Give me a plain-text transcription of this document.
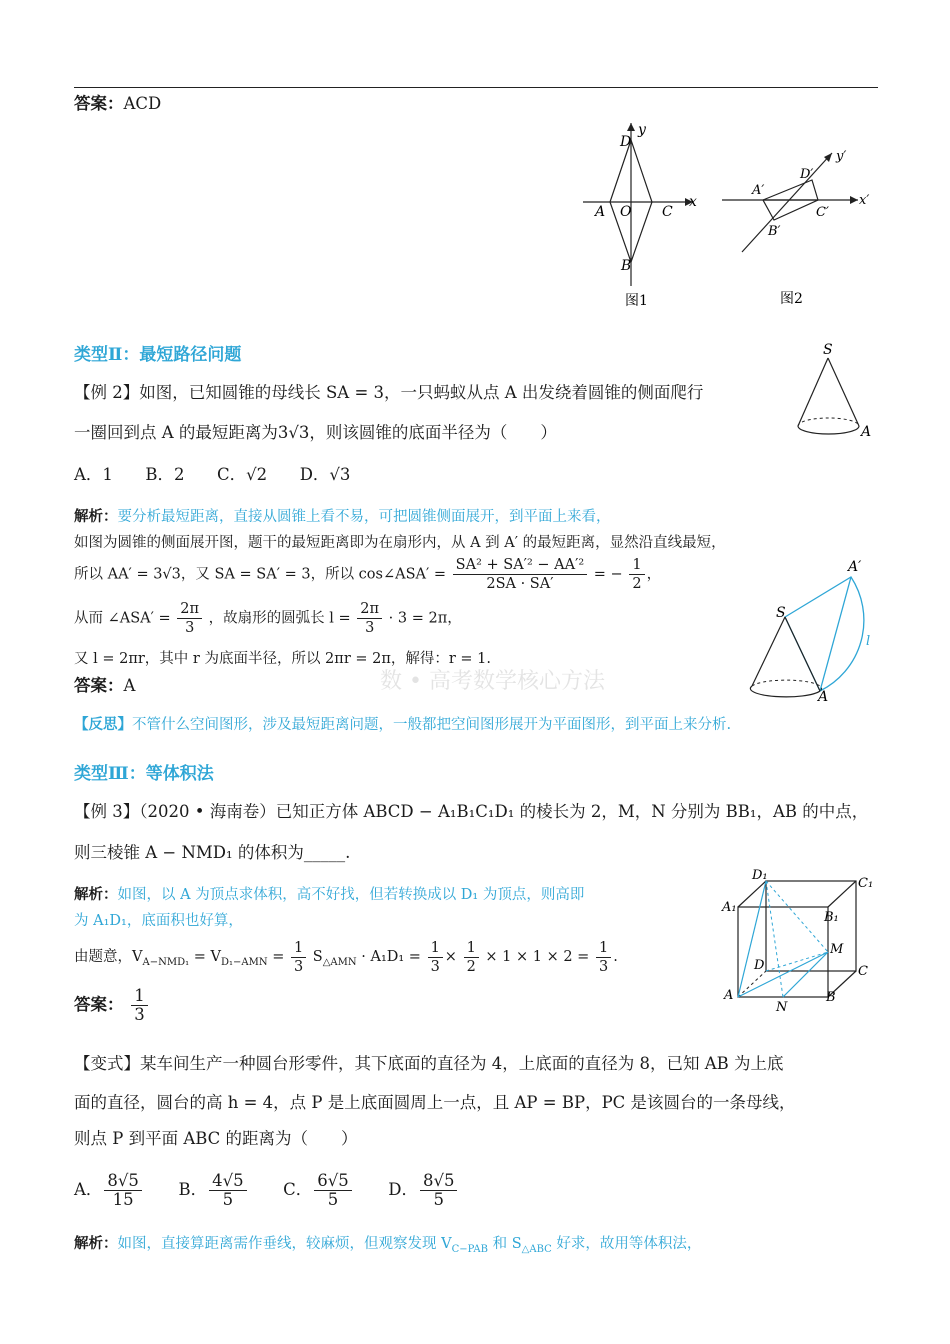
答案：ACD
D
y
A O C
x
B
图1
y′
D′
A′
x′
C′
B′
图2
类型Ⅱ：最短路径问题
【例 2】如图，已知圆锥的母线长 SA = 3，一只蚂蚁从点 A 出发绕着圆锥的侧面爬行
一圈回到点 A 的最短距离为3√3，则该圆锥的底面半径为（　　）
S
A
A．1 B．2 C．√2 D．√3
解析：要分析最短距离，直接从圆锥上看不易，可把圆锥侧面展开，到平面上来看，
如图为圆锥的侧面展开图，题干的最短距离即为在扇形内，从 A 到 A′ 的最短距离，显然沿直线最短，
所以 AA′ = 3√3，又 SA = SA′ = 3，所以 cos∠ASA′ = $\frac{\text{SA² + SA′² − AA′²}}{2SA \cdot SA'}$ = − $\frac{1}{2}$ ，
从而 ∠ASA′ = $\frac{2\pi}{3}$ ，故扇形的圆弧长 $l = \frac{2\pi}{3} \cdot 3 = 2\pi$，
又 l = 2πr，其中 r 为底面半径，所以 2πr = 2π，解得：r = 1.
答案：A	数 • 高考数学核心方法
A′
S
l
A
【反思】不管什么空间图形，涉及最短距离问题，一般都把空间图形展开为平面图形，到平面上来分析.
类型Ⅲ：等体积法
【例 3】（2020 • 海南卷）已知正方体 ABCD − A₁B₁C₁D₁ 的棱长为 2，M，N 分别为 BB₁，AB 的中点，
则三棱锥 A − NMD₁ 的体积为_____.
解析：如图，以 A 为顶点求体积，高不好找，但若转换成以 D₁ 为顶点，则高即
为 A₁D₁，底面积也好算，
由题意，$V_{A-NMD_1} = V_{D_1-AMN} = \frac{1}{3} S_{\triangle AMN} \cdot A_1D_1 = \frac{1}{3} \times \frac{1}{2} \times 1 \times 1 \times 2 = \frac{1}{3}$ .
答案： $\frac{1}{3}$
D₁
C₁
A₁
B₁
M
D	C
A
N
B
【变式】某车间生产一种圆台形零件，其下底面的直径为 4，上底面的直径为 8，已知 AB 为上底
面的直径，圆台的高 h = 4，点 P 是上底面圆周上一点，且 AP = BP，PC 是该圆台的一条母线，
则点 P 到平面 ABC 的距离为（　　）
A． $\frac{8√5}{15}$ B． $\frac{4√5}{5}$ C． $\frac{6√5}{5}$ D． $\frac{8√5}{5}$
解析：如图，直接算距离需作垂线，较麻烦，但观察发现 $V_{C-PAB}$ 和 $S_{\triangle ABC}$ 好求，故用等体积法，
